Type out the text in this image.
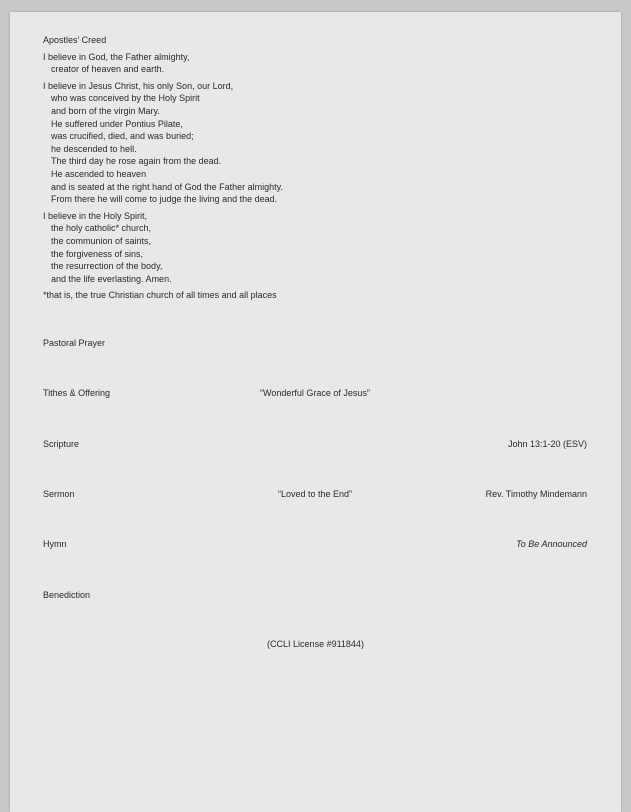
Apostles’ Creed
I believe in God, the Father almighty,
creator of heaven and earth.
I believe in Jesus Christ, his only Son, our Lord,
who was conceived by the Holy Spirit
and born of the virgin Mary.
He suffered under Pontius Pilate,
was crucified, died, and was buried;
he descended to hell.
The third day he rose again from the dead.
He ascended to heaven
and is seated at the right hand of God the Father almighty.
From there he will come to judge the living and the dead.
I believe in the Holy Spirit,
the holy catholic* church,
the communion of saints,
the forgiveness of sins,
the resurrection of the body,
and the life everlasting. Amen.
*that is, the true Christian church of all times and all places
Pastoral Prayer
Tithes & Offering	“Wonderful Grace of Jesus”
Scripture	John 13:1-20 (ESV)
Sermon	“Loved to the End”	Rev. Timothy Mindemann
Hymn	To Be Announced
Benediction
(CCLI License #911844)
